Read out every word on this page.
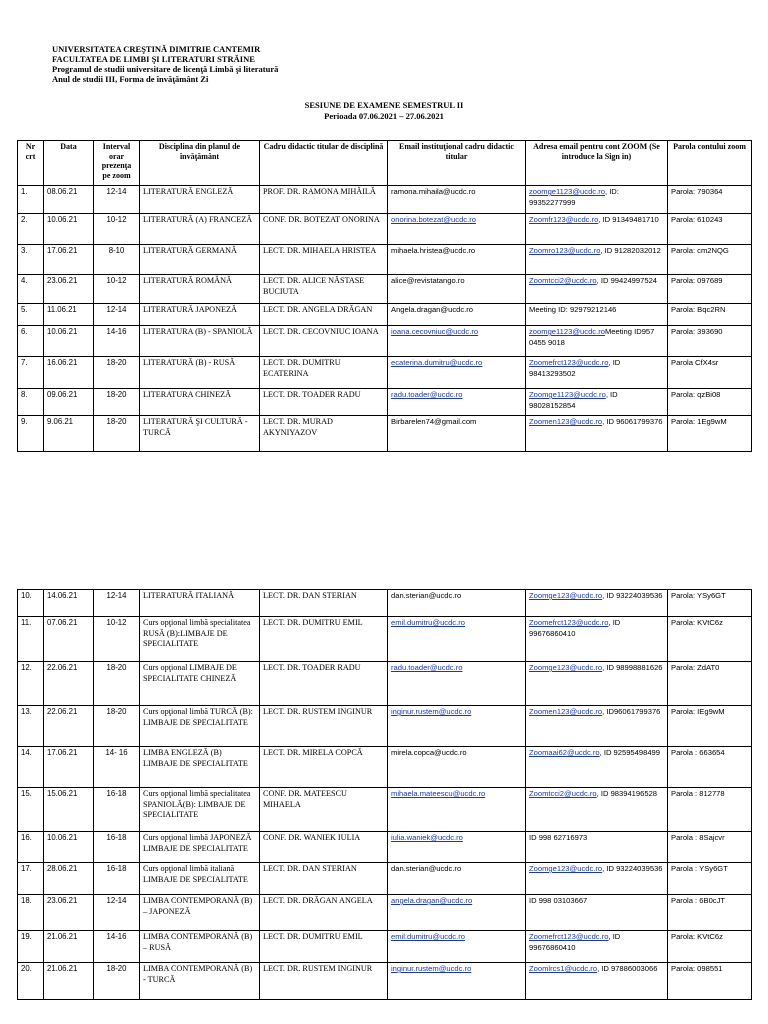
UNIVERSITATEA CREŞTINĂ DIMITRIE CANTEMIR
FACULTATEA DE LIMBI ŞI LITERATURI STRĂINE
Programul de studii universitare de licenţă Limbă şi literatură
Anul de studii III, Forma de învăţământ Zi
SESIUNE DE EXAMENE SEMESTRUL II
Perioada 07.06.2021 – 27.06.2021
Nr crt	Data	Interval orar prezenţa pe zoom	Disciplina din planul de învăţământ	Cadru didactic titular de disciplină	Email instituţional cadru didactic titular	Adresa email pentru cont ZOOM (Se introduce la Sign in)	Parola contului zoom
1.	08.06.21	12-14	LITERATURĂ ENGLEZĂ	PROF. DR. RAMONA MIHĂILĂ	ramona.mihaila@ucdc.ro	zoomge1123@ucdc.ro, ID: 99352277999	Parola: 790364
2.	10.06.21	10-12	LITERATURĂ (A) FRANCEZĂ	CONF. DR. BOTEZAT ONORINA	onorina.botezat@ucdc.ro	Zoomfr123@ucdc.ro, ID 91349481710	Parola: 610243
3.	17.06.21	8-10	LITERATURĂ GERMANĂ	LECT. DR. MIHAELA HRISTEA	mihaela.hristea@ucdc.ro	Zoomro123@ucdc.ro, ID 91282032012	Parola: cm2NQG
4.	23.06.21	10-12	LITERATURĂ ROMÂNĂ	LECT. DR. ALICE NĂSTASE BUCIUTA	alice@revistatango.ro	Zoomtcci2@ucdc.ro, ID 99424997524	Parola: 097689
5.	11.06.21	12-14	LITERATURĂ JAPONEZĂ	LECT. DR. ANGELA DRĂGAN	Angela.dragan@ucdc.ro	Meeting ID: 92979212146	Parola: Bqc2RN
6.	10.06.21	14-16	LITERATURA (B) - SPANIOLĂ	LECT. DR. CECOVNIUC IOANA	ioana.cecovniuc@ucdc.ro	zoomge1123@ucdc.roMeeting ID957 0455 9018	Parola: 393690
7.	16.06.21	18-20	LITERATURĂ (B) - RUSĂ	LECT. DR. DUMITRU ECATERINA	ecaterina.dumitru@ucdc.ro	Zoomefrct123@ucdc.ro, ID 98413293502	Parola CfX4sr
8.	09.06.21	18-20	LITERATURA CHINEZĂ	LECT. DR. TOADER RADU	radu.toader@ucdc.ro	Zoomge1123@ucdc.ro, ID 98028152854	Parola: qzBi08
9.	9.06.21	18-20	LITERATURĂ ŞI CULTURĂ - TURCĂ	LECT. DR. MURAD AKYNIYAZOV	Birbarelen74@gmail.com	Zoomen123@ucdc.ro, ID 96061799376	Parola: 1Eg9wM
10.	14.06.21	12-14	LITERATURĂ ITALIANĂ	LECT. DR. DAN STERIAN	dan.sterian@ucdc.ro	Zoomge123@ucdc.ro, ID 93224039536	Parola: YSy6GT
11.	07.06.21	10-12	Curs opţional limbă specialitatea RUSĂ (B):LIMBAJE DE SPECIALITATE	LECT. DR. DUMITRU EMIL	emil.dumitru@ucdc.ro	Zoomefrct123@ucdc.ro, ID 99676860410	Parola: KVtC6z
12.	22.06.21	18-20	Curs opţional LIMBAJE DE SPECIALITATE CHINEZĂ	LECT. DR. TOADER RADU	radu.toader@ucdc.ro	Zoomge123@ucdc.ro, ID 98998881626	Parola: ZdAT0
13.	22.06.21	18-20	Curs opţional limbă TURCĂ (B): LIMBAJE DE SPECIALITATE	LECT. DR. RUSTEM INGINUR	inginur.rustem@ucdc.ro	Zoomen123@ucdc.ro, ID96061799376	Parola: IEg9wM
14.	17.06.21	14- 16	LIMBA ENGLEZĂ (B) LIMBAJE DE SPECIALITATE	LECT. DR. MIRELA COPCĂ	mirela.copca@ucdc.ro	Zoomaai62@ucdc.ro, ID 92595498499	Parola : 663654
15.	15.06.21	16-18	Curs opţional limbă specialitatea SPANIOLĂ(B): LIMBAJE DE SPECIALITATE	CONF. DR. MATEESCU MIHAELA	mihaela.mateescu@ucdc.ro	Zoomtcci2@ucdc.ro, ID 98394196528	Parola : 812778
16.	10.06.21	16-18	Curs opţional limbă JAPONEZĂ LIMBAJE DE SPECIALITATE	CONF. DR. WANIEK IULIA	iulia.waniek@ucdc.ro	ID 998 62716973	Parola : 8Sajcvr
17.	28.06.21	16-18	Curs opţional limbă italiană LIMBAJE DE SPECIALITATE	LECT. DR. DAN STERIAN	dan.sterian@ucdc.ro	Zoomge123@ucdc.ro, ID 93224039536	Parola : YSy6GT
18.	23.06.21	12-14	LIMBA CONTEMPORANĂ (B) – JAPONEZĂ	LECT. DR. DRĂGAN ANGELA	angela.dragan@ucdc.ro	ID 998 03103667	Parola : 6B0cJT
19.	21.06.21	14-16	LIMBA CONTEMPORANĂ (B) – RUSĂ	LECT. DR. DUMITRU EMIL	emil.dumitru@ucdc.ro	Zoomefrct123@ucdc.ro, ID 99676860410	Parola: KVtC6z
20.	21.06.21	18-20	LIMBA CONTEMPORANĂ (B) - TURCĂ	LECT. DR. RUSTEM INGINUR	inginur.rustem@ucdc.ro	Zoomlrcs1@ucdc.ro, ID 97886003066	Parola: 098551
